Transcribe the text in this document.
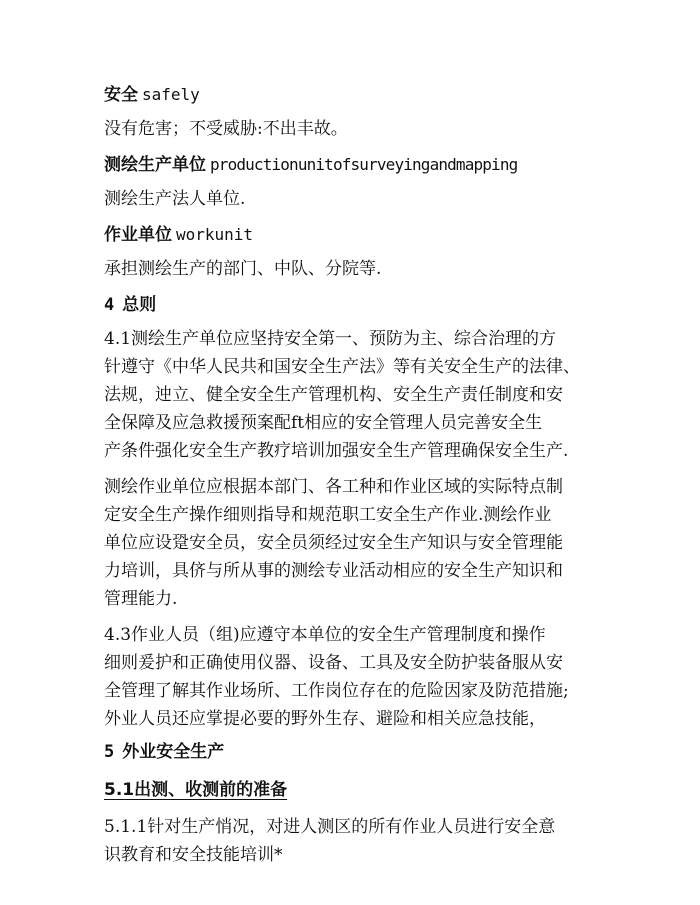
安全 safely
没有危害；不受威胁:不出丰故。
测绘生产单位 productionunitofsurveyingandmapping
测绘生产法人单位.
作业单位 workunit
承担测绘生产的部门、中队、分院等.
4 总则
4.1测绘生产单位应坚持安全第一、预防为主、综合治理的方
针遵守《中华人民共和国安全生产法》等有关安全生产的法律、
法规，迚立、健全安全生产管理机构、安全生产责任制度和安
全保障及应急救援预案配ft相应的安全管理人员完善安全生
产条件强化安全生产教疗培训加强安全生产管理确保安全生产.
测绘作业单位应根据本部门、各工种和作业区域的实际特点制
定安全生产操作细则指导和规范职工安全生产作业.测绘作业
单位应设跫安全员，安全员须经过安全生产知识与安全管理能
力培训，具侪与所从事的测绘专业活动相应的安全生产知识和
管理能力.
4.3作业人员（组)应遵守本单位的安全生产管理制度和操作
细则爰护和正确使用仪器、设备、工具及安全防护装备服从安
全管理了解其作业场所、工作岗位存在的危险因家及防范措施;
外业人员还应掌提必要的野外生存、避险和相关应急技能，
5 外业安全生产
5.1出测、收测前的准备
5.1.1针对生产悄况，对进人测区的所有作业人员进行安全意
识教育和安全技能培训*
